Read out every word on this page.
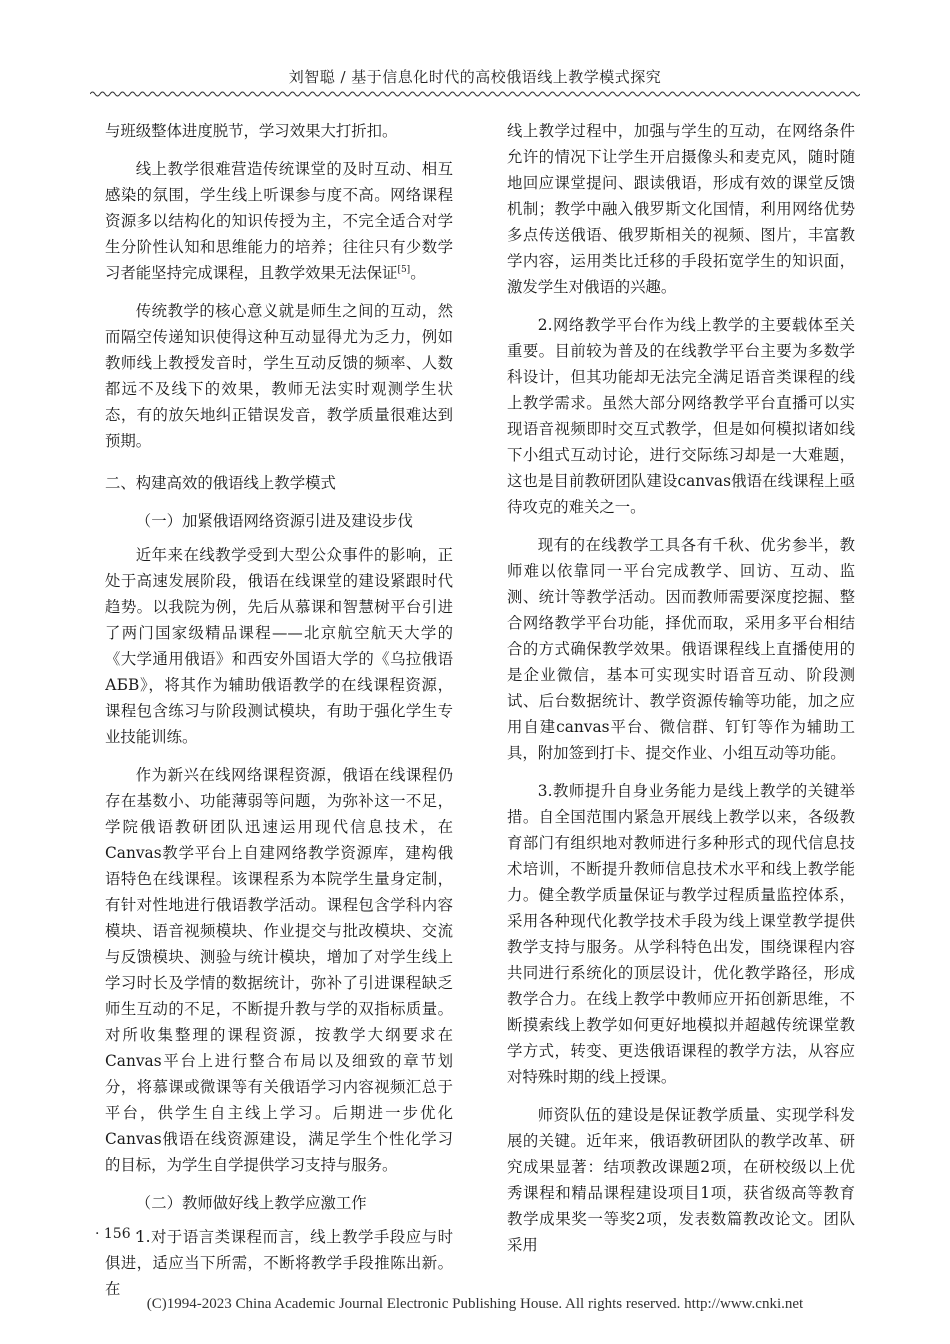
刘智聪 / 基于信息化时代的高校俄语线上教学模式探究

与班级整体进度脱节，学习效果大打折扣。

线上教学很难营造传统课堂的及时互动、相互感染的氛围，学生线上听课参与度不高。网络课程资源多以结构化的知识传授为主，不完全适合对学生分阶性认知和思维能力的培养；往往只有少数学习者能坚持完成课程，且教学效果无法保证[5]。

传统教学的核心意义就是师生之间的互动，然而隔空传递知识使得这种互动显得尤为乏力，例如教师线上教授发音时，学生互动反馈的频率、人数都远不及线下的效果，教师无法实时观测学生状态，有的放矢地纠正错误发音，教学质量很难达到预期。

二、构建高效的俄语线上教学模式
（一）加紧俄语网络资源引进及建设步伐

近年来在线教学受到大型公众事件的影响，正处于高速发展阶段，俄语在线课堂的建设紧跟时代趋势。以我院为例，先后从慕课和智慧树平台引进了两门国家级精品课程——北京航空航天大学的《大学通用俄语》和西安外国语大学的《乌拉俄语АБВ》，将其作为辅助俄语教学的在线课程资源，课程包含练习与阶段测试模块，有助于强化学生专业技能训练。

作为新兴在线网络课程资源，俄语在线课程仍存在基数小、功能薄弱等问题，为弥补这一不足，学院俄语教研团队迅速运用现代信息技术，在Canvas教学平台上自建网络教学资源库，建构俄语特色在线课程。该课程系为本院学生量身定制，有针对性地进行俄语教学活动。课程包含学科内容模块、语音视频模块、作业提交与批改模块、交流与反馈模块、测验与统计模块，增加了对学生线上学习时长及学情的数据统计，弥补了引进课程缺乏师生互动的不足，不断提升教与学的双指标质量。对所收集整理的课程资源，按教学大纲要求在Canvas平台上进行整合布局以及细致的章节划分，将慕课或微课等有关俄语学习内容视频汇总于平台，供学生自主线上学习。后期进一步优化Canvas俄语在线资源建设，满足学生个性化学习的目标，为学生自学提供学习支持与服务。

（二）教师做好线上教学应激工作

1.对于语言类课程而言，线上教学手段应与时俱进，适应当下所需，不断将教学手段推陈出新。在

线上教学过程中，加强与学生的互动，在网络条件允许的情况下让学生开启摄像头和麦克风，随时随地回应课堂提问、跟读俄语，形成有效的课堂反馈机制；教学中融入俄罗斯文化国情，利用网络优势多点传送俄语、俄罗斯相关的视频、图片，丰富教学内容，运用类比迁移的手段拓宽学生的知识面，激发学生对俄语的兴趣。

2.网络教学平台作为线上教学的主要载体至关重要。目前较为普及的在线教学平台主要为多数学科设计，但其功能却无法完全满足语音类课程的线上教学需求。虽然大部分网络教学平台直播可以实现语音视频即时交互式教学，但是如何模拟诸如线下小组式互动讨论，进行交际练习却是一大难题，这也是目前教研团队建设canvas俄语在线课程上亟待攻克的难关之一。

现有的在线教学工具各有千秋、优劣参半，教师难以依靠同一平台完成教学、回访、互动、监测、统计等教学活动。因而教师需要深度挖掘、整合网络教学平台功能，择优而取，采用多平台相结合的方式确保教学效果。俄语课程线上直播使用的是企业微信，基本可实现实时语音互动、阶段测试、后台数据统计、教学资源传输等功能，加之应用自建canvas平台、微信群、钉钉等作为辅助工具，附加签到打卡、提交作业、小组互动等功能。

3.教师提升自身业务能力是线上教学的关键举措。自全国范围内紧急开展线上教学以来，各级教育部门有组织地对教师进行多种形式的现代信息技术培训，不断提升教师信息技术水平和线上教学能力。健全教学质量保证与教学过程质量监控体系，采用各种现代化教学技术手段为线上课堂教学提供教学支持与服务。从学科特色出发，围绕课程内容共同进行系统化的顶层设计，优化教学路径，形成教学合力。在线上教学中教师应开拓创新思维，不断摸索线上教学如何更好地模拟并超越传统课堂教学方式，转变、更迭俄语课程的教学方法，从容应对特殊时期的线上授课。

师资队伍的建设是保证教学质量、实现学科发展的关键。近年来，俄语教研团队的教学改革、研究成果显著：结项教改课题2项，在研校级以上优秀课程和精品课程建设项目1项，获省级高等教育教学成果奖一等奖2项，发表数篇教改论文。团队采用

· 156 ·
(C)1994-2023 China Academic Journal Electronic Publishing House. All rights reserved. http://www.cnki.net
